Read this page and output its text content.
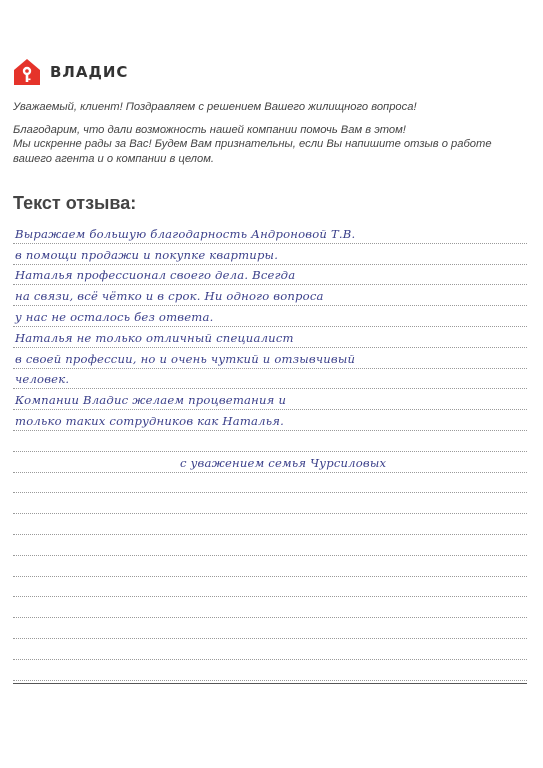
ВЛАДИС

Уважаемый, клиент! Поздравляем с решением Вашего жилищного вопроса!

Благодарим, что дали возможность нашей компании помочь Вам в этом!
Мы искренне рады за Вас! Будем Вам признательны, если Вы напишите отзыв о работе вашего агента и о компании в целом.

Текст отзыва:
Выражаем большую благодарность Андроновой Т.В.
в помощи продажи и покупке квартиры.
Наталья профессионал своего дела. Всегда
на связи, всё чётко и в срок. Ни одного вопроса
у нас не осталось без ответа.
Наталья не только отличный специалист
в своей профессии, но и очень чуткий и отзывчивый
человек.
Компании Владис желаем процветания и
только таких сотрудников как Наталья.
с уважением семья Чурсиловых
